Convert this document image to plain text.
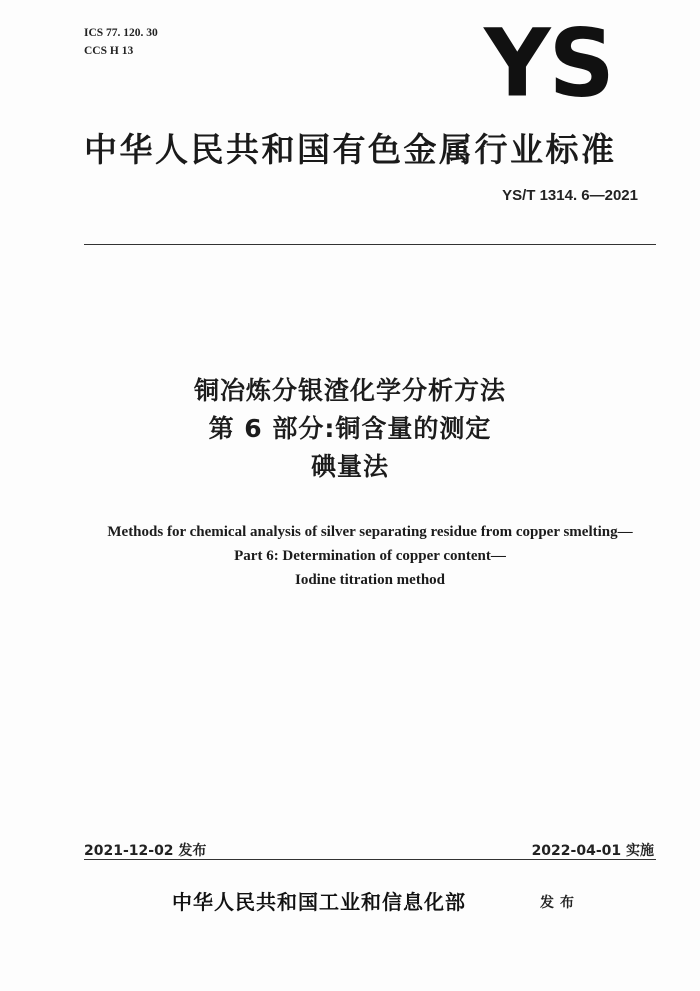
ICS 77. 120. 30
CCS H 13	YS
中华人民共和国有色金属行业标准
YS/T 1314. 6—2021
铜冶炼分银渣化学分析方法
第 6 部分:铜含量的测定
碘量法
Methods for chemical analysis of silver separating residue from copper smelting—
Part 6: Determination of copper content—
Iodine titration method
2021-12-02 发布	2022-04-01 实施
中华人民共和国工业和信息化部	发布
